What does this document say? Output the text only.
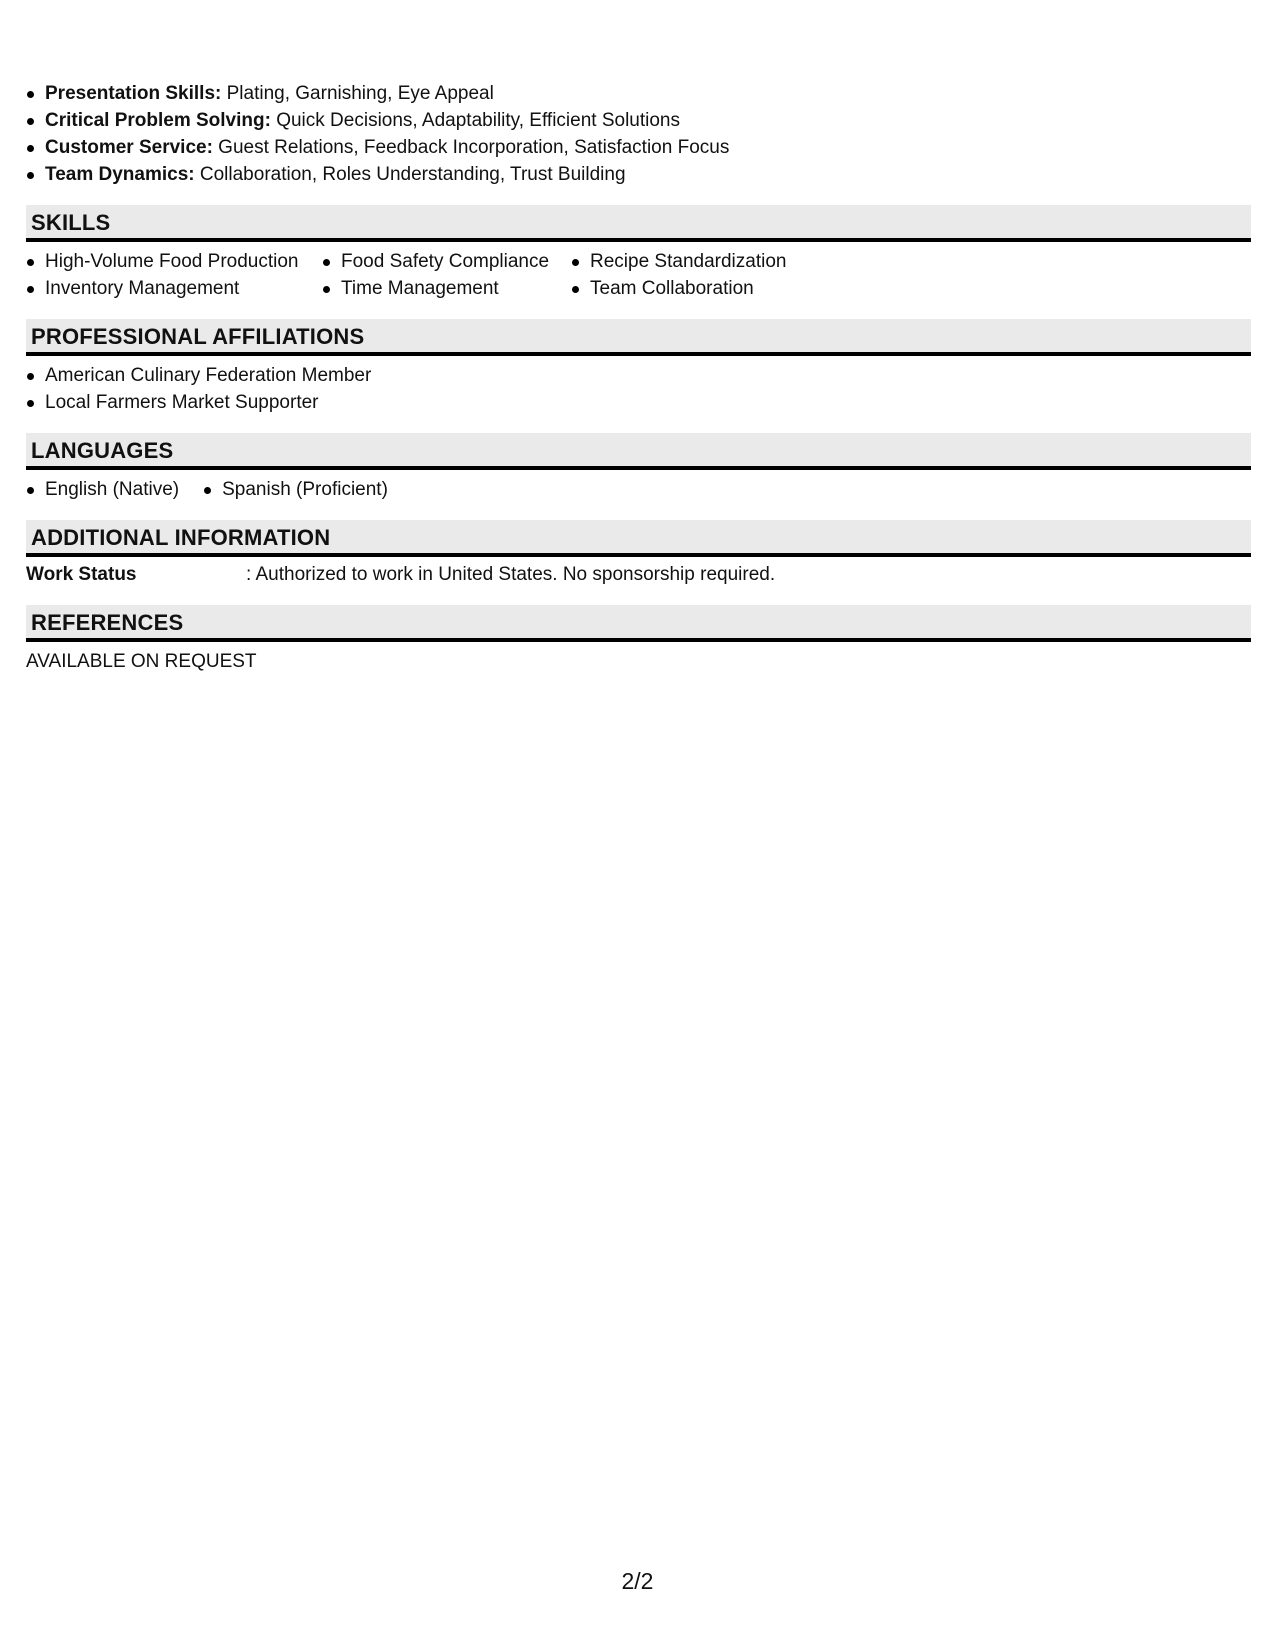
Presentation Skills: Plating, Garnishing, Eye Appeal
Critical Problem Solving: Quick Decisions, Adaptability, Efficient Solutions
Customer Service: Guest Relations, Feedback Incorporation, Satisfaction Focus
Team Dynamics: Collaboration, Roles Understanding, Trust Building
SKILLS
High-Volume Food Production	Food Safety Compliance	Recipe Standardization
Inventory Management	Time Management	Team Collaboration
PROFESSIONAL AFFILIATIONS
American Culinary Federation Member
Local Farmers Market Supporter
LANGUAGES
English (Native)	Spanish (Proficient)
ADDITIONAL INFORMATION
Work Status	: Authorized to work in United States. No sponsorship required.
REFERENCES
AVAILABLE ON REQUEST
2/2
